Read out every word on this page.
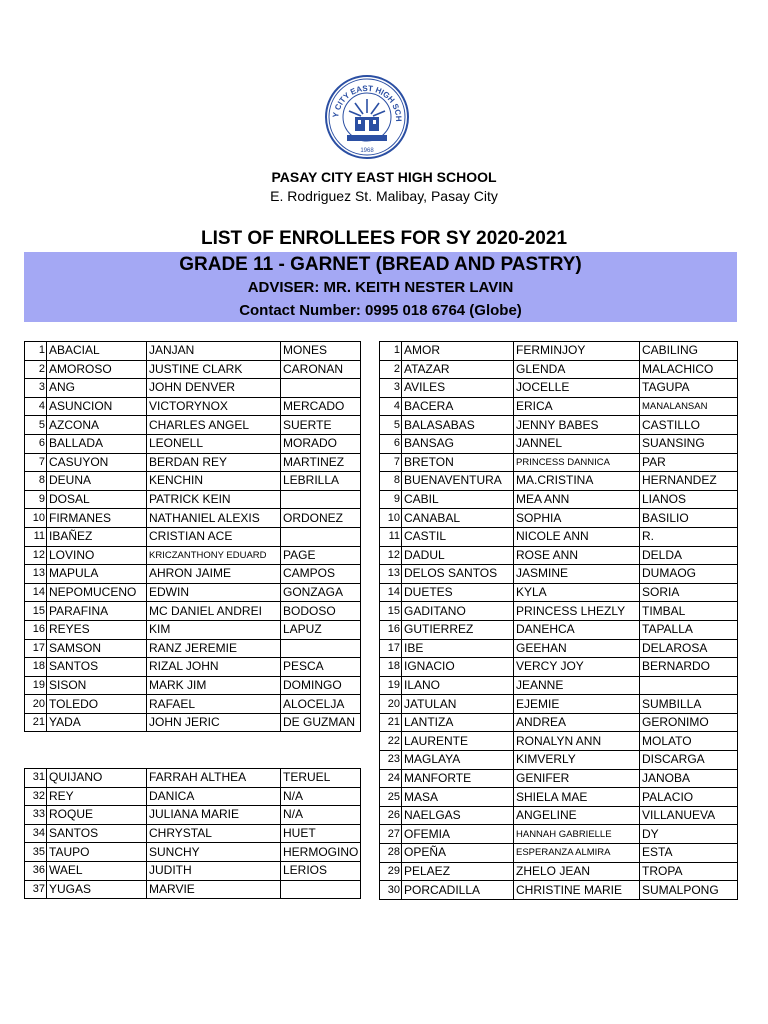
Y CITY EAST HIGH SCH
1968
PASAY CITY EAST HIGH SCHOOL
E. Rodriguez St. Malibay, Pasay City
LIST OF ENROLLEES FOR SY 2020-2021
GRADE 11 - GARNET (BREAD AND PASTRY)
ADVISER: MR. KEITH NESTER LAVIN
Contact Number: 0995 018 6764 (Globe)
1	ABACIAL	JANJAN	MONES
2	AMOROSO	JUSTINE CLARK	CARONAN
3	ANG	JOHN DENVER	
4	ASUNCION	VICTORYNOX	MERCADO
5	AZCONA	CHARLES ANGEL	SUERTE
6	BALLADA	LEONELL	MORADO
7	CASUYON	BERDAN REY	MARTINEZ
8	DEUNA	KENCHIN	LEBRILLA
9	DOSAL	PATRICK KEIN	
10	FIRMANES	NATHANIEL ALEXIS	ORDONEZ
11	IBAÑEZ	CRISTIAN ACE	
12	LOVINO	KRICZANTHONY EDUARD	PAGE
13	MAPULA	AHRON JAIME	CAMPOS
14	NEPOMUCENO	EDWIN	GONZAGA
15	PARAFINA	MC DANIEL ANDREI	BODOSO
16	REYES	KIM	LAPUZ
17	SAMSON	RANZ JEREMIE	
18	SANTOS	RIZAL JOHN	PESCA
19	SISON	MARK JIM	DOMINGO
20	TOLEDO	RAFAEL	ALOCELJA
21	YADA	JOHN JERIC	DE GUZMAN
31	QUIJANO	FARRAH ALTHEA	TERUEL
32	REY	DANICA	N/A
33	ROQUE	JULIANA MARIE	N/A
34	SANTOS	CHRYSTAL	HUET
35	TAUPO	SUNCHY	HERMOGINO
36	WAEL	JUDITH	LERIOS
37	YUGAS	MARVIE	
1	AMOR	FERMINJOY	CABILING
2	ATAZAR	GLENDA	MALACHICO
3	AVILES	JOCELLE	TAGUPA
4	BACERA	ERICA	MANALANSAN
5	BALASABAS	JENNY BABES	CASTILLO
6	BANSAG	JANNEL	SUANSING
7	BRETON	PRINCESS DANNICA	PAR
8	BUENAVENTURA	MA.CRISTINA	HERNANDEZ
9	CABIL	MEA ANN	LIANOS
10	CANABAL	SOPHIA	BASILIO
11	CASTIL	NICOLE ANN	R.
12	DADUL	ROSE ANN	DELDA
13	DELOS SANTOS	JASMINE	DUMAOG
14	DUETES	KYLA	SORIA
15	GADITANO	PRINCESS LHEZLY	TIMBAL
16	GUTIERREZ	DANEHCA	TAPALLA
17	IBE	GEEHAN	DELAROSA
18	IGNACIO	VERCY JOY	BERNARDO
19	ILANO	JEANNE	
20	JATULAN	EJEMIE	SUMBILLA
21	LANTIZA	ANDREA	GERONIMO
22	LAURENTE	RONALYN ANN	MOLATO
23	MAGLAYA	KIMVERLY	DISCARGA
24	MANFORTE	GENIFER	JANOBA
25	MASA	SHIELA MAE	PALACIO
26	NAELGAS	ANGELINE	VILLANUEVA
27	OFEMIA	HANNAH GABRIELLE	DY
28	OPEÑA	ESPERANZA ALMIRA	ESTA
29	PELAEZ	ZHELO JEAN	TROPA
30	PORCADILLA	CHRISTINE MARIE	SUMALPONG
